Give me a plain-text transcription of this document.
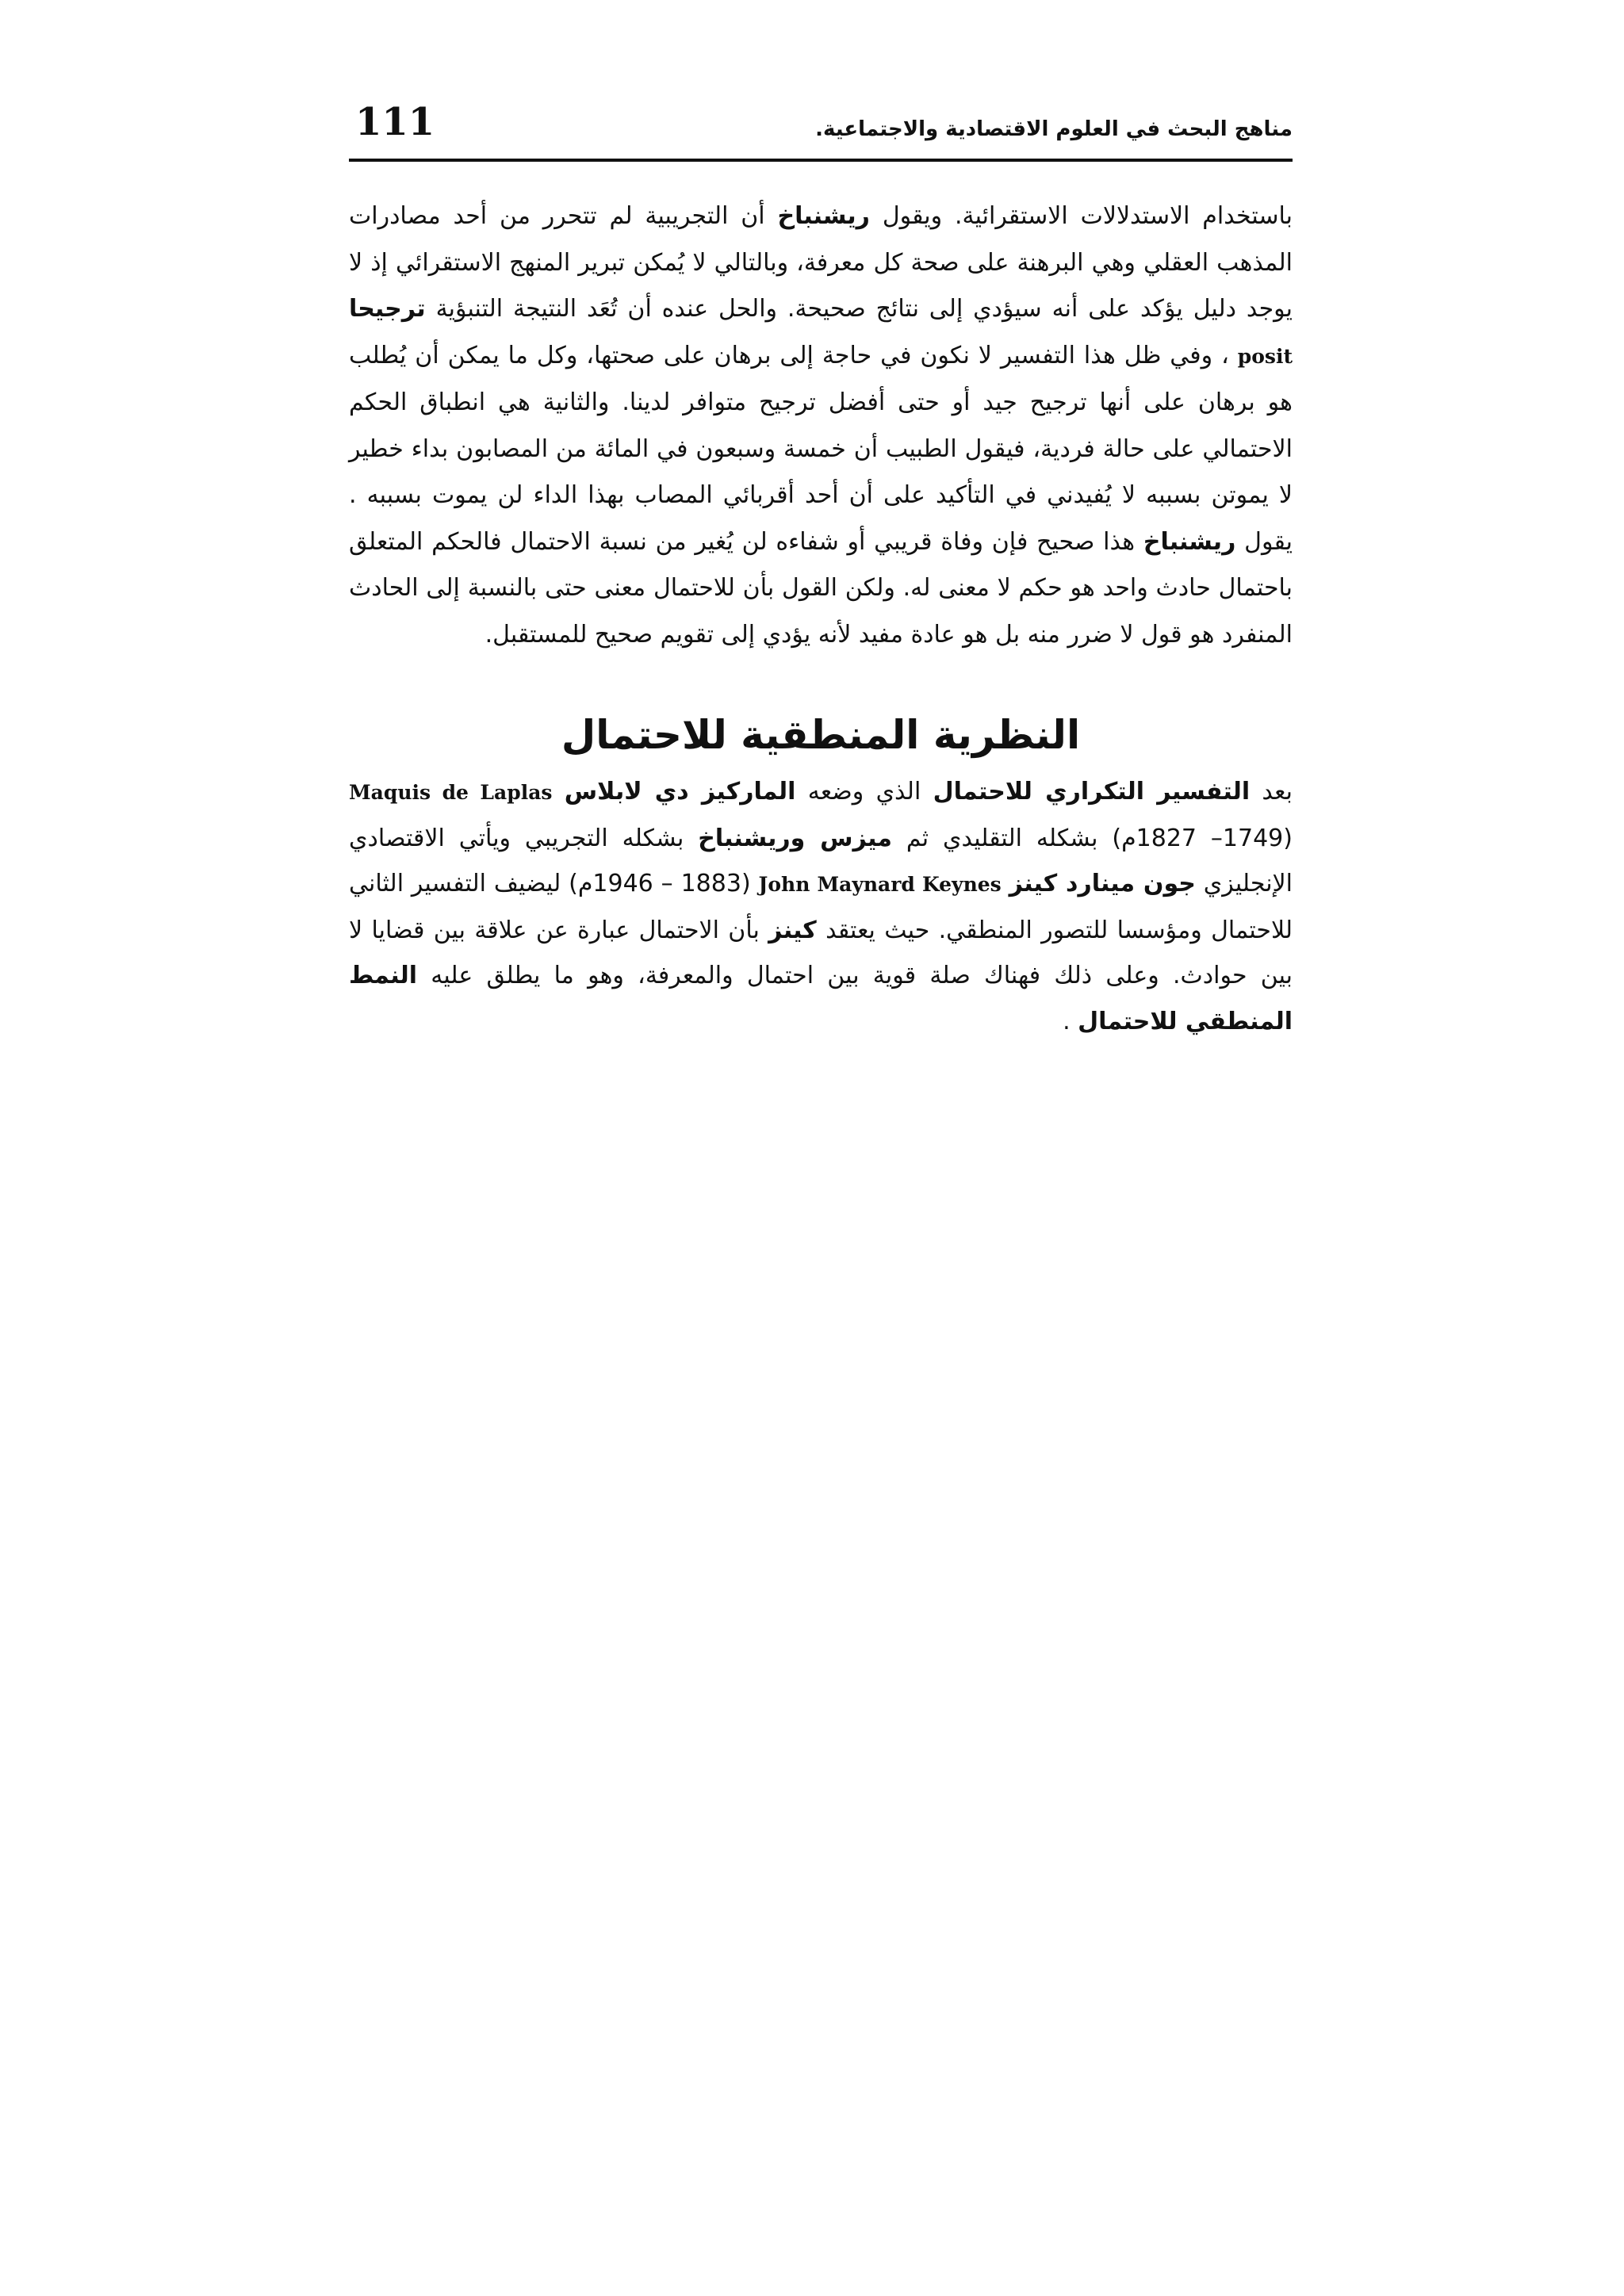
مناهج البحث في العلوم الاقتصادية والاجتماعية.
111

باستخدام الاستدلالات الاستقرائية. ويقول ريشنباخ أن التجريبية لم تتحرر من أحد مصادرات المذهب العقلي وهي البرهنة على صحة كل معرفة، وبالتالي لا يُمكن تبرير المنهج الاستقرائي إذ لا يوجد دليل يؤكد على أنه سيؤدي إلى نتائج صحيحة. والحل عنده أن تُعَد النتيجة التنبؤية ترجيحا posit ، وفي ظل هذا التفسير لا نكون في حاجة إلى برهان على صحتها، وكل ما يمكن أن يُطلب هو برهان على أنها ترجيح جيد أو حتى أفضل ترجيح متوافر لدينا. والثانية هي انطباق الحكم الاحتمالي على حالة فردية، فيقول الطبيب أن خمسة وسبعون في المائة من المصابون بداء خطير لا يموتن بسببه لا يُفيدني في التأكيد على أن أحد أقربائي المصاب بهذا الداء لن يموت بسببه . يقول ريشنباخ هذا صحيح فإن وفاة قريبي أو شفاءه لن يُغير من نسبة الاحتمال فالحكم المتعلق باحتمال حادث واحد هو حكم لا معنى له. ولكن القول بأن للاحتمال معنى حتى بالنسبة إلى الحادث المنفرد هو قول لا ضرر منه بل هو عادة مفيد لأنه يؤدي إلى تقويم صحيح للمستقبل.

النظرية المنطقية للاحتمال

بعد التفسير التكراري للاحتمال الذي وضعه الماركيز دي لابلاس Maquis de Laplas (1749– 1827م) بشكله التقليدي ثم ميزس وريشنباخ بشكله التجريبي ويأتي الاقتصادي الإنجليزي جون مينارد كينز John Maynard Keynes (1883 – 1946م) ليضيف التفسير الثاني للاحتمال ومؤسسا للتصور المنطقي. حيث يعتقد كينز بأن الاحتمال عبارة عن علاقة بين قضايا لا بين حوادث. وعلى ذلك فهناك صلة قوية بين احتمال والمعرفة، وهو ما يطلق عليه النمط المنطقي للاحتمال .
